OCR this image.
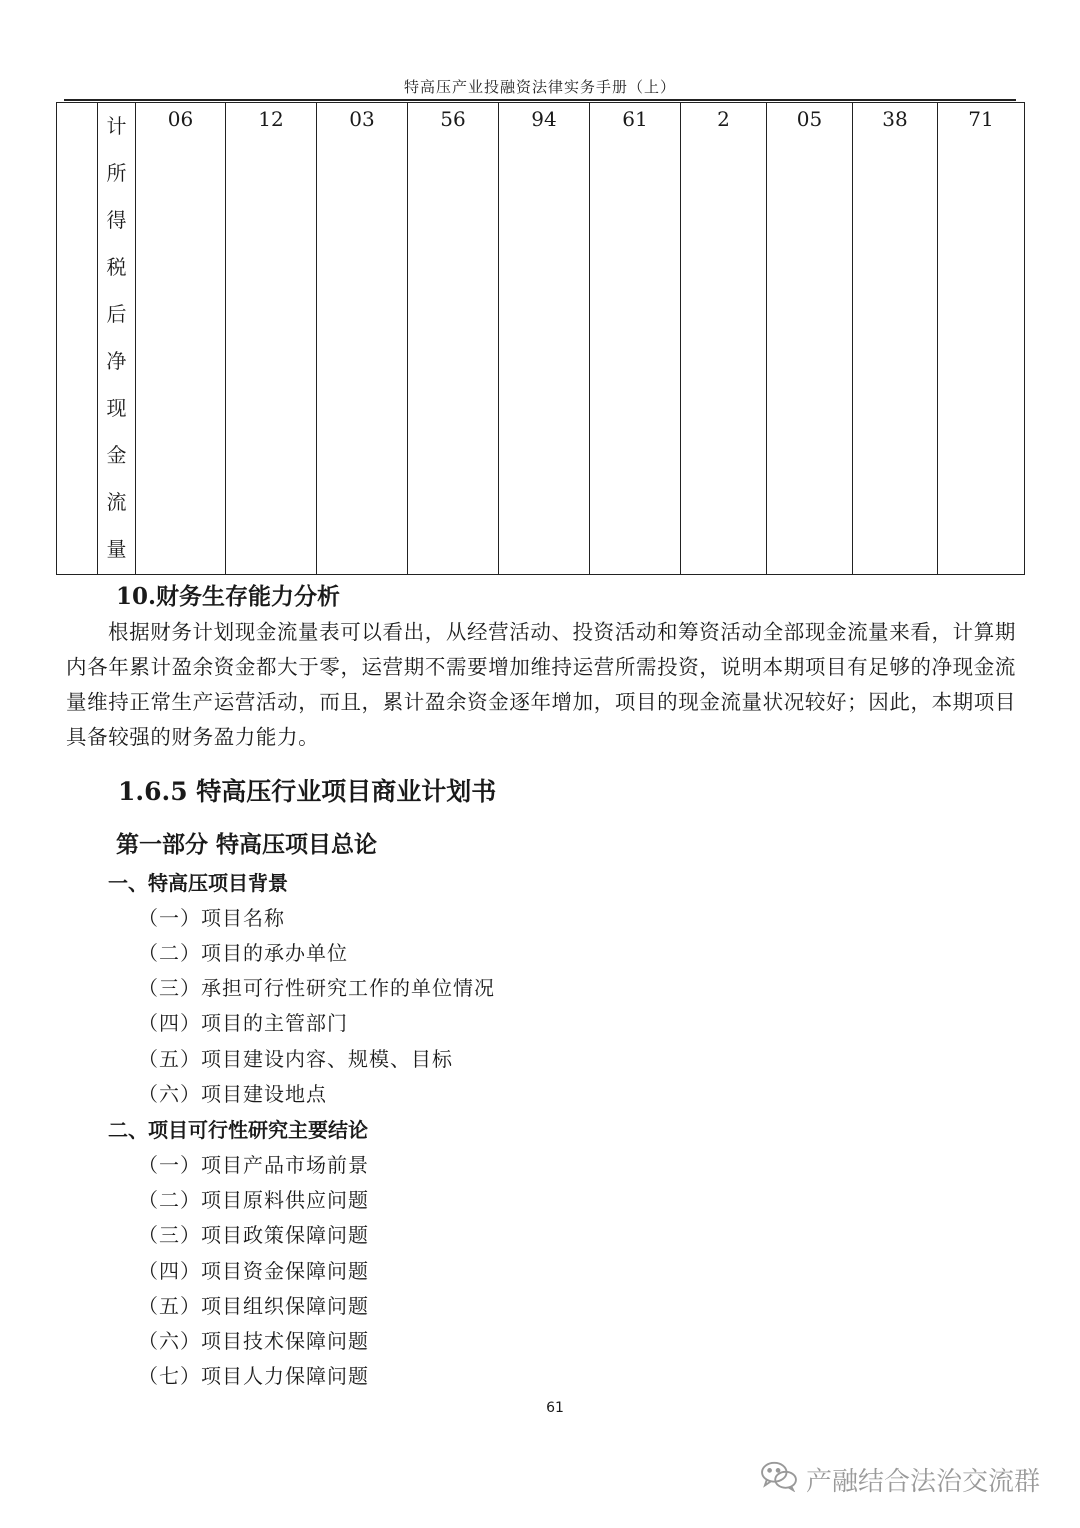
特高压产业投融资法律实务手册（上）

计
所
得
税
后
净
现
金
流
量
	06	12	03	56	94	61	2	05	38	71
10.财务生存能力分析
根据财务计划现金流量表可以看出，从经营活动、投资活动和筹资活动全部现金流量来看，计算期内各年累计盈余资金都大于零，运营期不需要增加维持运营所需投资，说明本期项目有足够的净现金流量维持正常生产运营活动，而且，累计盈余资金逐年增加，项目的现金流量状况较好；因此，本期项目具备较强的财务盈力能力。
1.6.5 特高压行业项目商业计划书
第一部分 特高压项目总论
一、特高压项目背景
（一）项目名称
（二）项目的承办单位
（三）承担可行性研究工作的单位情况
（四）项目的主管部门
（五）项目建设内容、规模、目标
（六）项目建设地点
二、项目可行性研究主要结论
（一）项目产品市场前景
（二）项目原料供应问题
（三）项目政策保障问题
（四）项目资金保障问题
（五）项目组织保障问题
（六）项目技术保障问题
（七）项目人力保障问题
61
产融结合法治交流群
